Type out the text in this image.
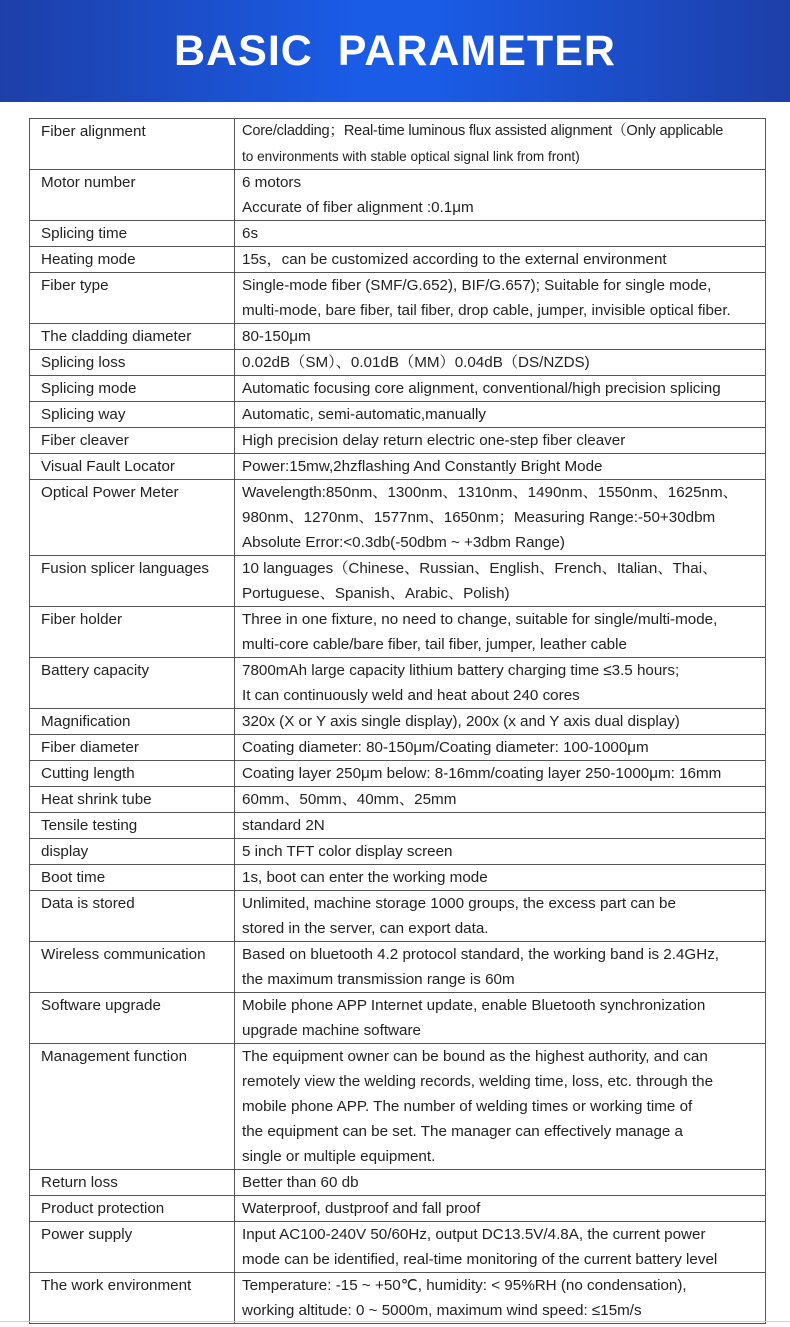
BASIC PARAMETER
Fiber alignment	Core/cladding；Real-time luminous flux assisted alignment（Only applicable
to environments with stable optical signal link from front)

Motor number	6 motors
Accurate of fiber alignment :0.1μm

Splicing time	6s

Heating mode	15s，can be customized according to the external environment

Fiber type	Single-mode fiber (SMF/G.652), BIF/G.657); Suitable for single mode,
multi-mode, bare fiber, tail fiber, drop cable, jumper, invisible optical fiber.

The cladding diameter	80-150μm

Splicing loss	0.02dB（SM）、0.01dB（MM）0.04dB（DS/NZDS)

Splicing mode	Automatic focusing core alignment, conventional/high precision splicing

Splicing way	Automatic, semi-automatic,manually

Fiber cleaver	High precision delay return electric one-step fiber cleaver

Visual Fault Locator	Power:15mw,2hzflashing And Constantly Bright Mode

Optical Power Meter	Wavelength:850nm、1300nm、1310nm、1490nm、1550nm、1625nm、
980nm、1270nm、1577nm、1650nm；Measuring Range:-50+30dbm
Absolute Error:<0.3db(-50dbm ~ +3dbm Range)

Fusion splicer languages	10 languages（Chinese、Russian、English、French、Italian、Thai、
Portuguese、Spanish、Arabic、Polish)

Fiber holder	Three in one fixture, no need to change, suitable for single/multi-mode,
multi-core cable/bare fiber, tail fiber, jumper, leather cable

Battery capacity	7800mAh large capacity lithium battery charging time ≤3.5 hours;
It can continuously weld and heat about 240 cores

Magnification	320x (X or Y axis single display), 200x (x and Y axis dual display)

Fiber diameter	Coating diameter: 80-150μm/Coating diameter: 100-1000μm

Cutting length	Coating layer 250μm below: 8-16mm/coating layer 250-1000μm: 16mm

Heat shrink tube	60mm、50mm、40mm、25mm

Tensile testing	standard 2N

display	5 inch TFT color display screen

Boot time	1s, boot can enter the working mode

Data is stored	Unlimited, machine storage 1000 groups, the excess part can be
stored in the server, can export data.

Wireless communication	Based on bluetooth 4.2 protocol standard, the working band is 2.4GHz,
the maximum transmission range is 60m

Software upgrade	Mobile phone APP Internet update, enable Bluetooth synchronization
upgrade machine software

Management function	The equipment owner can be bound as the highest authority, and can
remotely view the welding records, welding time, loss, etc. through the
mobile phone APP. The number of welding times or working time of
the equipment can be set. The manager can effectively manage a
single or multiple equipment.

Return loss	Better than 60 db

Product protection	Waterproof, dustproof and fall proof

Power supply	Input AC100-240V 50/60Hz, output DC13.5V/4.8A, the current power
mode can be identified, real-time monitoring of the current battery level

The work environment	Temperature: -15 ~ +50℃, humidity: < 95%RH (no condensation),
working altitude: 0 ~ 5000m, maximum wind speed: ≤15m/s
